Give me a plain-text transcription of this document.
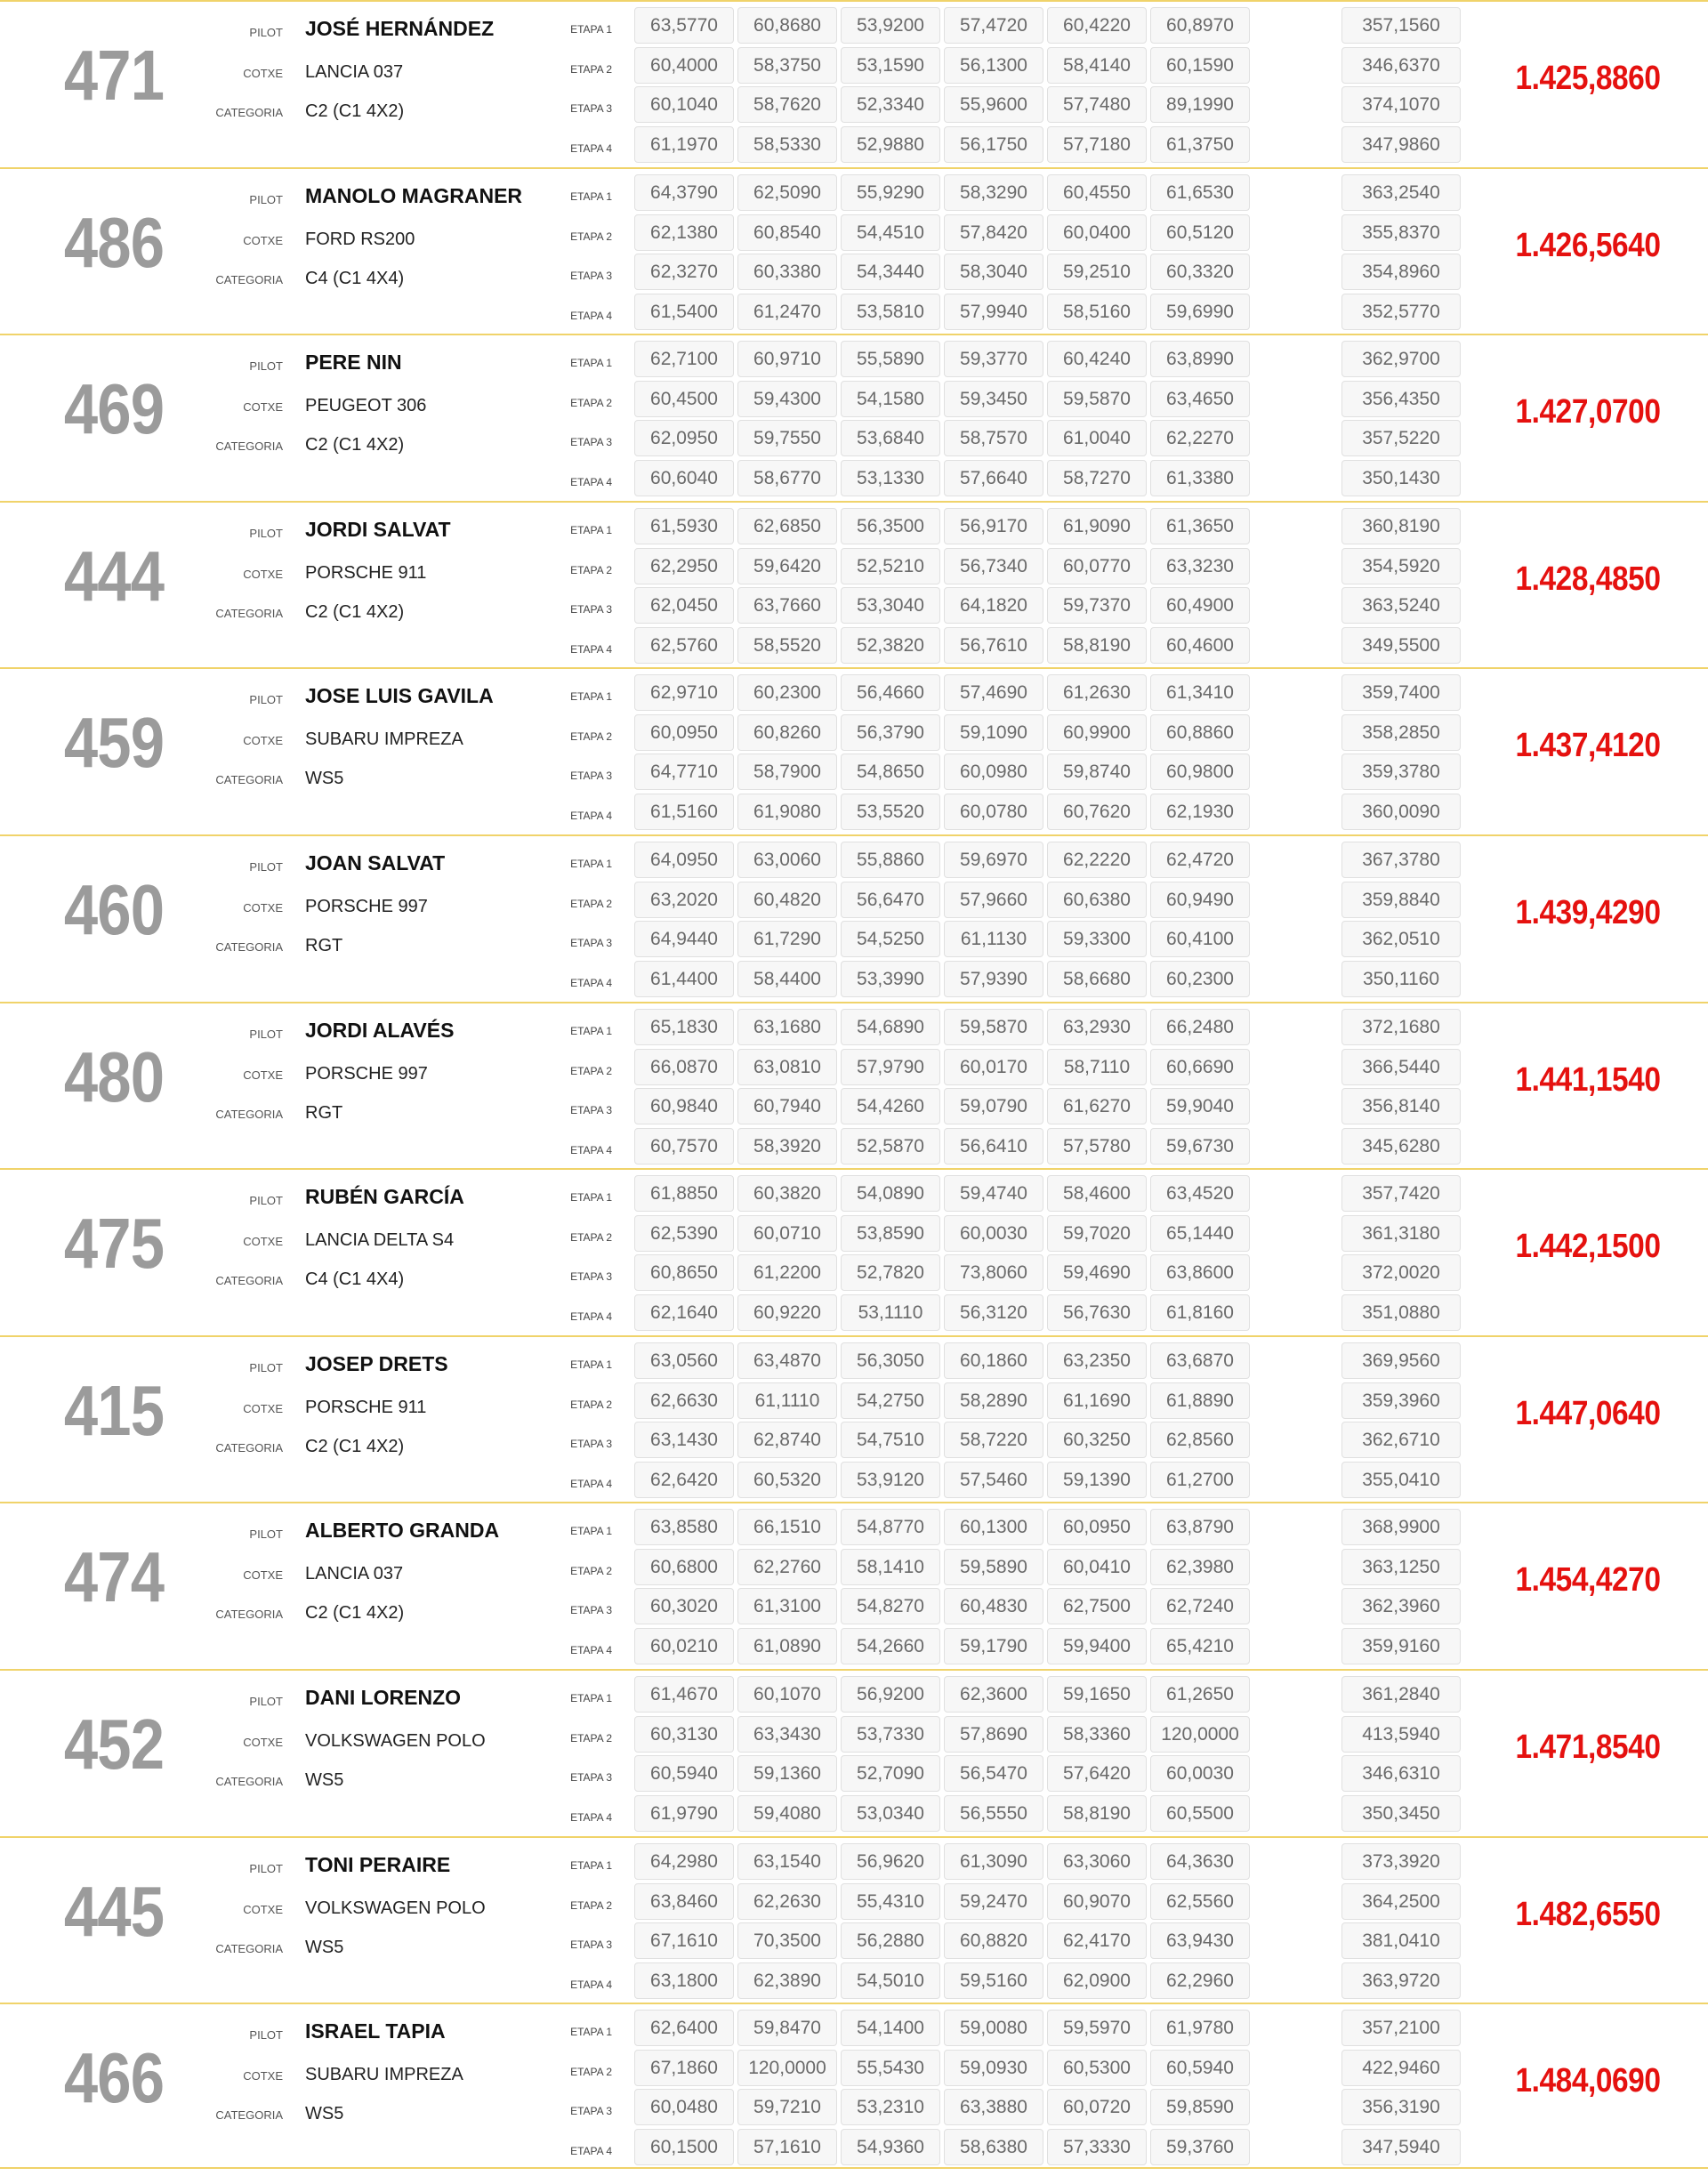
471
PILOT JOSÉ HERNÁNDEZ
COTXE LANCIA 037
CATEGORIA C2 (C1 4X2)
ETAPA 1	63,5770	60,8680	53,9200	57,4720	60,4220	60,8970	357,1560
ETAPA 2	60,4000	58,3750	53,1590	56,1300	58,4140	60,1590	346,6370
ETAPA 3	60,1040	58,7620	52,3340	55,9600	57,7480	89,1990	374,1070
ETAPA 4	61,1970	58,5330	52,9880	56,1750	57,7180	61,3750	347,9860
1.425,8860
486
PILOT MANOLO MAGRANER
COTXE FORD RS200
CATEGORIA C4 (C1 4X4)
ETAPA 1	64,3790	62,5090	55,9290	58,3290	60,4550	61,6530	363,2540
ETAPA 2	62,1380	60,8540	54,4510	57,8420	60,0400	60,5120	355,8370
ETAPA 3	62,3270	60,3380	54,3440	58,3040	59,2510	60,3320	354,8960
ETAPA 4	61,5400	61,2470	53,5810	57,9940	58,5160	59,6990	352,5770
1.426,5640
469
PILOT PERE NIN
COTXE PEUGEOT 306
CATEGORIA C2 (C1 4X2)
ETAPA 1	62,7100	60,9710	55,5890	59,3770	60,4240	63,8990	362,9700
ETAPA 2	60,4500	59,4300	54,1580	59,3450	59,5870	63,4650	356,4350
ETAPA 3	62,0950	59,7550	53,6840	58,7570	61,0040	62,2270	357,5220
ETAPA 4	60,6040	58,6770	53,1330	57,6640	58,7270	61,3380	350,1430
1.427,0700
444
PILOT JORDI SALVAT
COTXE PORSCHE 911
CATEGORIA C2 (C1 4X2)
ETAPA 1	61,5930	62,6850	56,3500	56,9170	61,9090	61,3650	360,8190
ETAPA 2	62,2950	59,6420	52,5210	56,7340	60,0770	63,3230	354,5920
ETAPA 3	62,0450	63,7660	53,3040	64,1820	59,7370	60,4900	363,5240
ETAPA 4	62,5760	58,5520	52,3820	56,7610	58,8190	60,4600	349,5500
1.428,4850
459
PILOT JOSE LUIS GAVILA
COTXE SUBARU IMPREZA
CATEGORIA WS5
ETAPA 1	62,9710	60,2300	56,4660	57,4690	61,2630	61,3410	359,7400
ETAPA 2	60,0950	60,8260	56,3790	59,1090	60,9900	60,8860	358,2850
ETAPA 3	64,7710	58,7900	54,8650	60,0980	59,8740	60,9800	359,3780
ETAPA 4	61,5160	61,9080	53,5520	60,0780	60,7620	62,1930	360,0090
1.437,4120
460
PILOT JOAN SALVAT
COTXE PORSCHE 997
CATEGORIA RGT
ETAPA 1	64,0950	63,0060	55,8860	59,6970	62,2220	62,4720	367,3780
ETAPA 2	63,2020	60,4820	56,6470	57,9660	60,6380	60,9490	359,8840
ETAPA 3	64,9440	61,7290	54,5250	61,1130	59,3300	60,4100	362,0510
ETAPA 4	61,4400	58,4400	53,3990	57,9390	58,6680	60,2300	350,1160
1.439,4290
480
PILOT JORDI ALAVÉS
COTXE PORSCHE 997
CATEGORIA RGT
ETAPA 1	65,1830	63,1680	54,6890	59,5870	63,2930	66,2480	372,1680
ETAPA 2	66,0870	63,0810	57,9790	60,0170	58,7110	60,6690	366,5440
ETAPA 3	60,9840	60,7940	54,4260	59,0790	61,6270	59,9040	356,8140
ETAPA 4	60,7570	58,3920	52,5870	56,6410	57,5780	59,6730	345,6280
1.441,1540
475
PILOT RUBÉN GARCÍA
COTXE LANCIA DELTA S4
CATEGORIA C4 (C1 4X4)
ETAPA 1	61,8850	60,3820	54,0890	59,4740	58,4600	63,4520	357,7420
ETAPA 2	62,5390	60,0710	53,8590	60,0030	59,7020	65,1440	361,3180
ETAPA 3	60,8650	61,2200	52,7820	73,8060	59,4690	63,8600	372,0020
ETAPA 4	62,1640	60,9220	53,1110	56,3120	56,7630	61,8160	351,0880
1.442,1500
415
PILOT JOSEP DRETS
COTXE PORSCHE 911
CATEGORIA C2 (C1 4X2)
ETAPA 1	63,0560	63,4870	56,3050	60,1860	63,2350	63,6870	369,9560
ETAPA 2	62,6630	61,1110	54,2750	58,2890	61,1690	61,8890	359,3960
ETAPA 3	63,1430	62,8740	54,7510	58,7220	60,3250	62,8560	362,6710
ETAPA 4	62,6420	60,5320	53,9120	57,5460	59,1390	61,2700	355,0410
1.447,0640
474
PILOT ALBERTO GRANDA
COTXE LANCIA 037
CATEGORIA C2 (C1 4X2)
ETAPA 1	63,8580	66,1510	54,8770	60,1300	60,0950	63,8790	368,9900
ETAPA 2	60,6800	62,2760	58,1410	59,5890	60,0410	62,3980	363,1250
ETAPA 3	60,3020	61,3100	54,8270	60,4830	62,7500	62,7240	362,3960
ETAPA 4	60,0210	61,0890	54,2660	59,1790	59,9400	65,4210	359,9160
1.454,4270
452
PILOT DANI LORENZO
COTXE VOLKSWAGEN POLO
CATEGORIA WS5
ETAPA 1	61,4670	60,1070	56,9200	62,3600	59,1650	61,2650	361,2840
ETAPA 2	60,3130	63,3430	53,7330	57,8690	58,3360	120,0000	413,5940
ETAPA 3	60,5940	59,1360	52,7090	56,5470	57,6420	60,0030	346,6310
ETAPA 4	61,9790	59,4080	53,0340	56,5550	58,8190	60,5500	350,3450
1.471,8540
445
PILOT TONI PERAIRE
COTXE VOLKSWAGEN POLO
CATEGORIA WS5
ETAPA 1	64,2980	63,1540	56,9620	61,3090	63,3060	64,3630	373,3920
ETAPA 2	63,8460	62,2630	55,4310	59,2470	60,9070	62,5560	364,2500
ETAPA 3	67,1610	70,3500	56,2880	60,8820	62,4170	63,9430	381,0410
ETAPA 4	63,1800	62,3890	54,5010	59,5160	62,0900	62,2960	363,9720
1.482,6550
466
PILOT ISRAEL TAPIA
COTXE SUBARU IMPREZA
CATEGORIA WS5
ETAPA 1	62,6400	59,8470	54,1400	59,0080	59,5970	61,9780	357,2100
ETAPA 2	67,1860	120,0000	55,5430	59,0930	60,5300	60,5940	422,9460
ETAPA 3	60,0480	59,7210	53,2310	63,3880	60,0720	59,8590	356,3190
ETAPA 4	60,1500	57,1610	54,9360	58,6380	57,3330	59,3760	347,5940
1.484,0690
